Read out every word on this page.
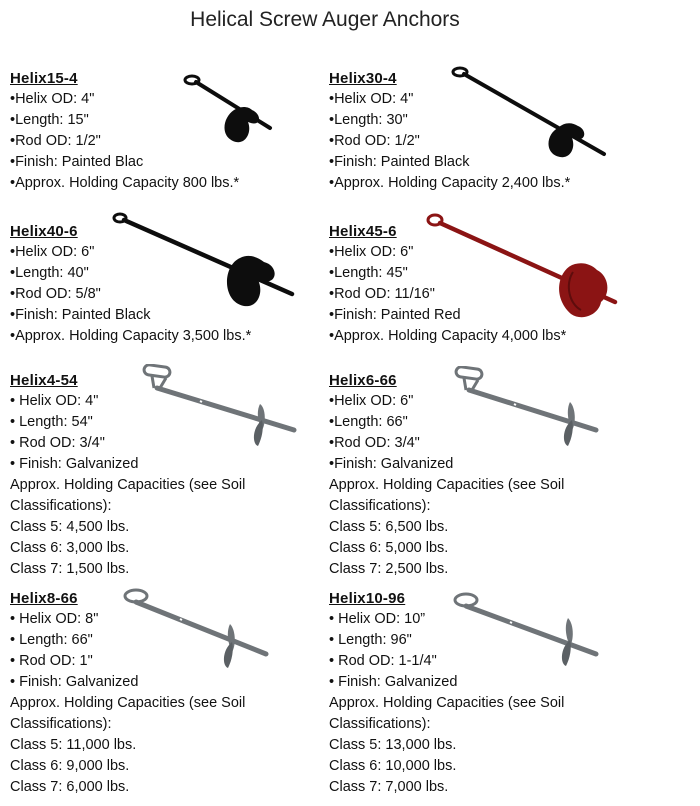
Helical Screw Auger Anchors
Helix15-4
•Helix OD: 4"
•Length: 15"
•Rod OD: 1/2"
•Finish: Painted Blac
•Approx. Holding Capacity 800 lbs.*
Helix30-4
•Helix OD: 4"
•Length: 30"
•Rod OD: 1/2"
•Finish: Painted Black
•Approx. Holding Capacity 2,400 lbs.*
Helix40-6
•Helix OD: 6"
•Length: 40"
•Rod OD: 5/8"
•Finish: Painted Black
•Approx. Holding Capacity 3,500 lbs.*
Helix45-6
•Helix OD: 6"
•Length: 45"
•Rod OD: 11/16"
•Finish: Painted Red
•Approx. Holding Capacity 4,000 lbs*
Helix4-54
• Helix OD: 4"
• Length: 54"
• Rod OD: 3/4"
• Finish: Galvanized
Approx. Holding Capacities (see Soil
Classifications):
Class 5: 4,500 lbs.
Class 6: 3,000 lbs.
Class 7: 1,500 lbs.
Helix6-66
•Helix OD: 6"
•Length: 66"
•Rod OD: 3/4"
•Finish: Galvanized
Approx. Holding Capacities (see Soil
Classifications):
Class 5: 6,500 lbs.
Class 6: 5,000 lbs.
Class 7: 2,500 lbs.
Helix8-66
• Helix OD: 8"
• Length: 66"
• Rod OD: 1"
• Finish: Galvanized
Approx. Holding Capacities (see Soil
Classifications):
Class 5: 11,000 lbs.
Class 6: 9,000 lbs.
Class 7: 6,000 lbs.
Helix10-96
• Helix OD: 10”
• Length: 96"
• Rod OD: 1-1/4"
• Finish: Galvanized
Approx. Holding Capacities (see Soil
Classifications):
Class 5: 13,000 lbs.
Class 6: 10,000 lbs.
Class 7: 7,000 lbs.
